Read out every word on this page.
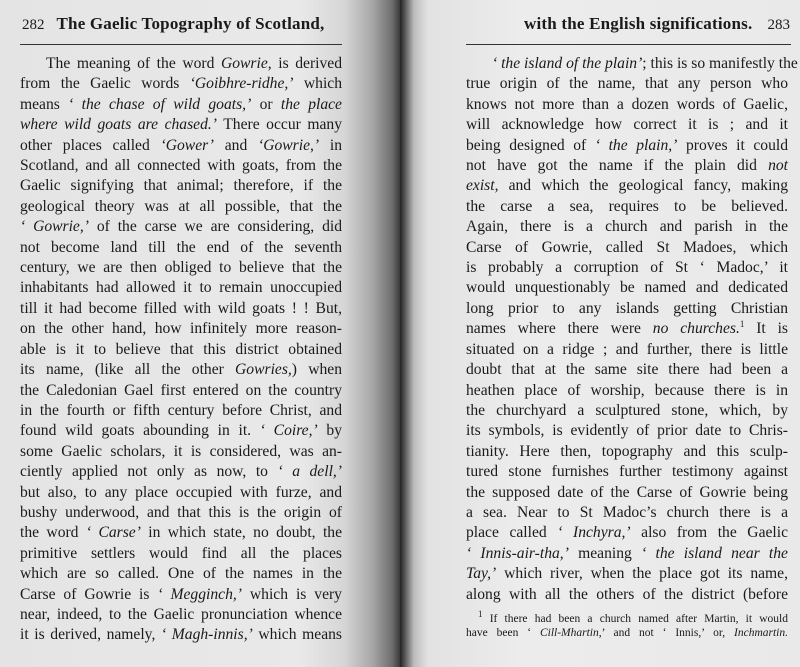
282 The Gaelic Topography of Scotland,
The meaning of the word Gowrie, is derived
from the Gaelic words ‘Goibhre-ridhe,’ which
means ‘ the chase of wild goats,’ or the place
where wild goats are chased.’ There occur many
other places called ‘Gower’ and ‘Gowrie,’ in
Scotland, and all connected with goats, from the
Gaelic signifying that animal; therefore, if the
geological theory was at all possible, that the
‘ Gowrie,’ of the carse we are considering, did
not become land till the end of the seventh
century, we are then obliged to believe that the
inhabitants had allowed it to remain unoccupied
till it had become filled with wild goats ! ! But,
on the other hand, how infinitely more reason-
able is it to believe that this district obtained
its name, (like all the other Gowries,) when
the Caledonian Gael first entered on the country
in the fourth or fifth century before Christ, and
found wild goats abounding in it. ‘ Coire,’ by
some Gaelic scholars, it is considered, was an-
ciently applied not only as now, to ‘ a dell,’
but also, to any place occupied with furze, and
bushy underwood, and that this is the origin of
the word ‘ Carse’ in which state, no doubt, the
primitive settlers would find all the places
which are so called. One of the names in the
Carse of Gowrie is ‘ Megginch,’ which is very
near, indeed, to the Gaelic pronunciation whence
it is derived, namely, ‘ Magh-innis,’ which means
with the English significations. 283
‘ the island of the plain’; this is so manifestly the
true origin of the name, that any person who
knows not more than a dozen words of Gaelic,
will acknowledge how correct it is ; and it
being designed of ‘ the plain,’ proves it could
not have got the name if the plain did not
exist, and which the geological fancy, making
the carse a sea, requires to be believed.
Again, there is a church and parish in the
Carse of Gowrie, called St Madoes, which
is probably a corruption of St ‘ Madoc,’ it
would unquestionably be named and dedicated
long prior to any islands getting Christian
names where there were no churches.$^1$ It is
situated on a ridge ; and further, there is little
doubt that at the same site there had been a
heathen place of worship, because there is in
the churchyard a sculptured stone, which, by
its symbols, is evidently of prior date to Chris-
tianity. Here then, topography and this sculp-
tured stone furnishes further testimony against
the supposed date of the Carse of Gowrie being
a sea. Near to St Madoc’s church there is a
place called ‘ Inchyra,’ also from the Gaelic
‘ Innis-air-tha,’ meaning ‘ the island near the
Tay,’ which river, when the place got its name,
along with all the others of the district (before
$^1$ If there had been a church named after Martin, it would
have been ‘ Cill-Mhartin,’ and not ‘ Innis,’ or, Inchmartin.
